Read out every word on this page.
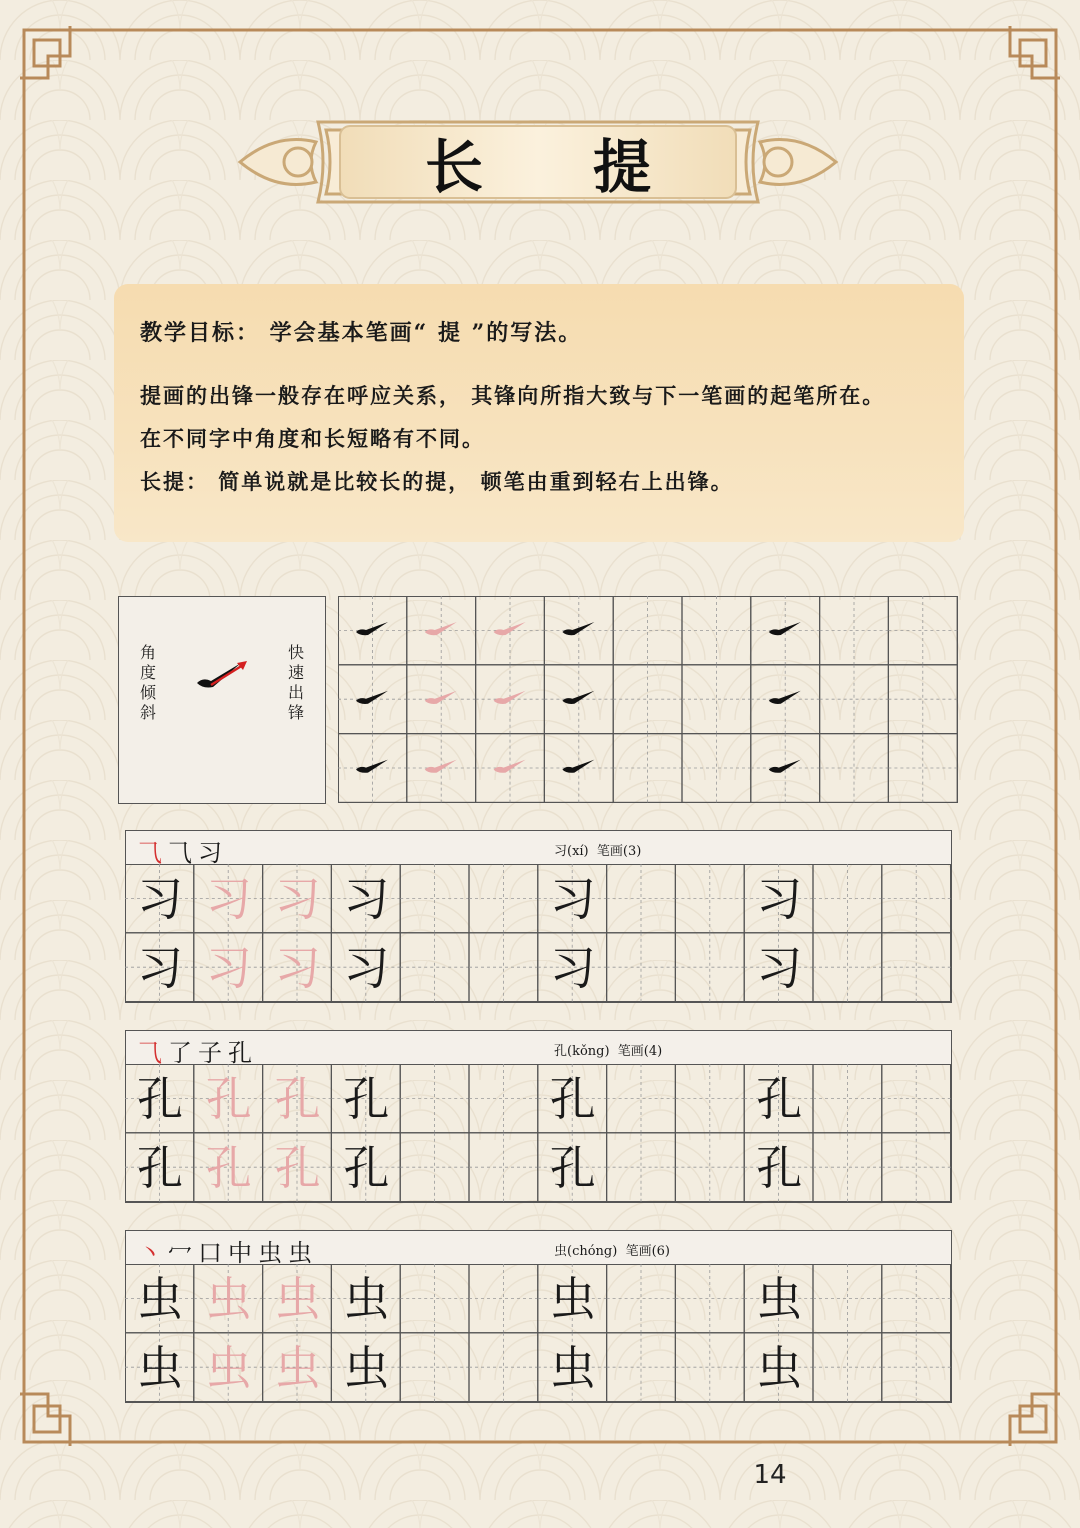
长 提
教学目标： 学会基本笔画“ 提 ”的写法。
提画的出锋一般存在呼应关系， 其锋向所指大致与下一笔画的起笔所在。
在不同字中角度和长短略有不同。
长提： 简单说就是比较长的提， 顿笔由重到轻右上出锋。
角度倾斜
快速出锋
⺄ ⺄ 习	习(xí)  笔画(3)
习 习 习 习	习	习
习 习 习 习	习	习
⺄ 了 子 孔	孔(kǒng)  笔画(4)
孔 孔 孔 孔	孔	孔
孔 孔 孔 孔	孔	孔
丶 冖 口 中 虫 虫	虫(chóng)  笔画(6)
虫 虫 虫 虫	虫	虫
虫 虫 虫 虫	虫	虫
14
